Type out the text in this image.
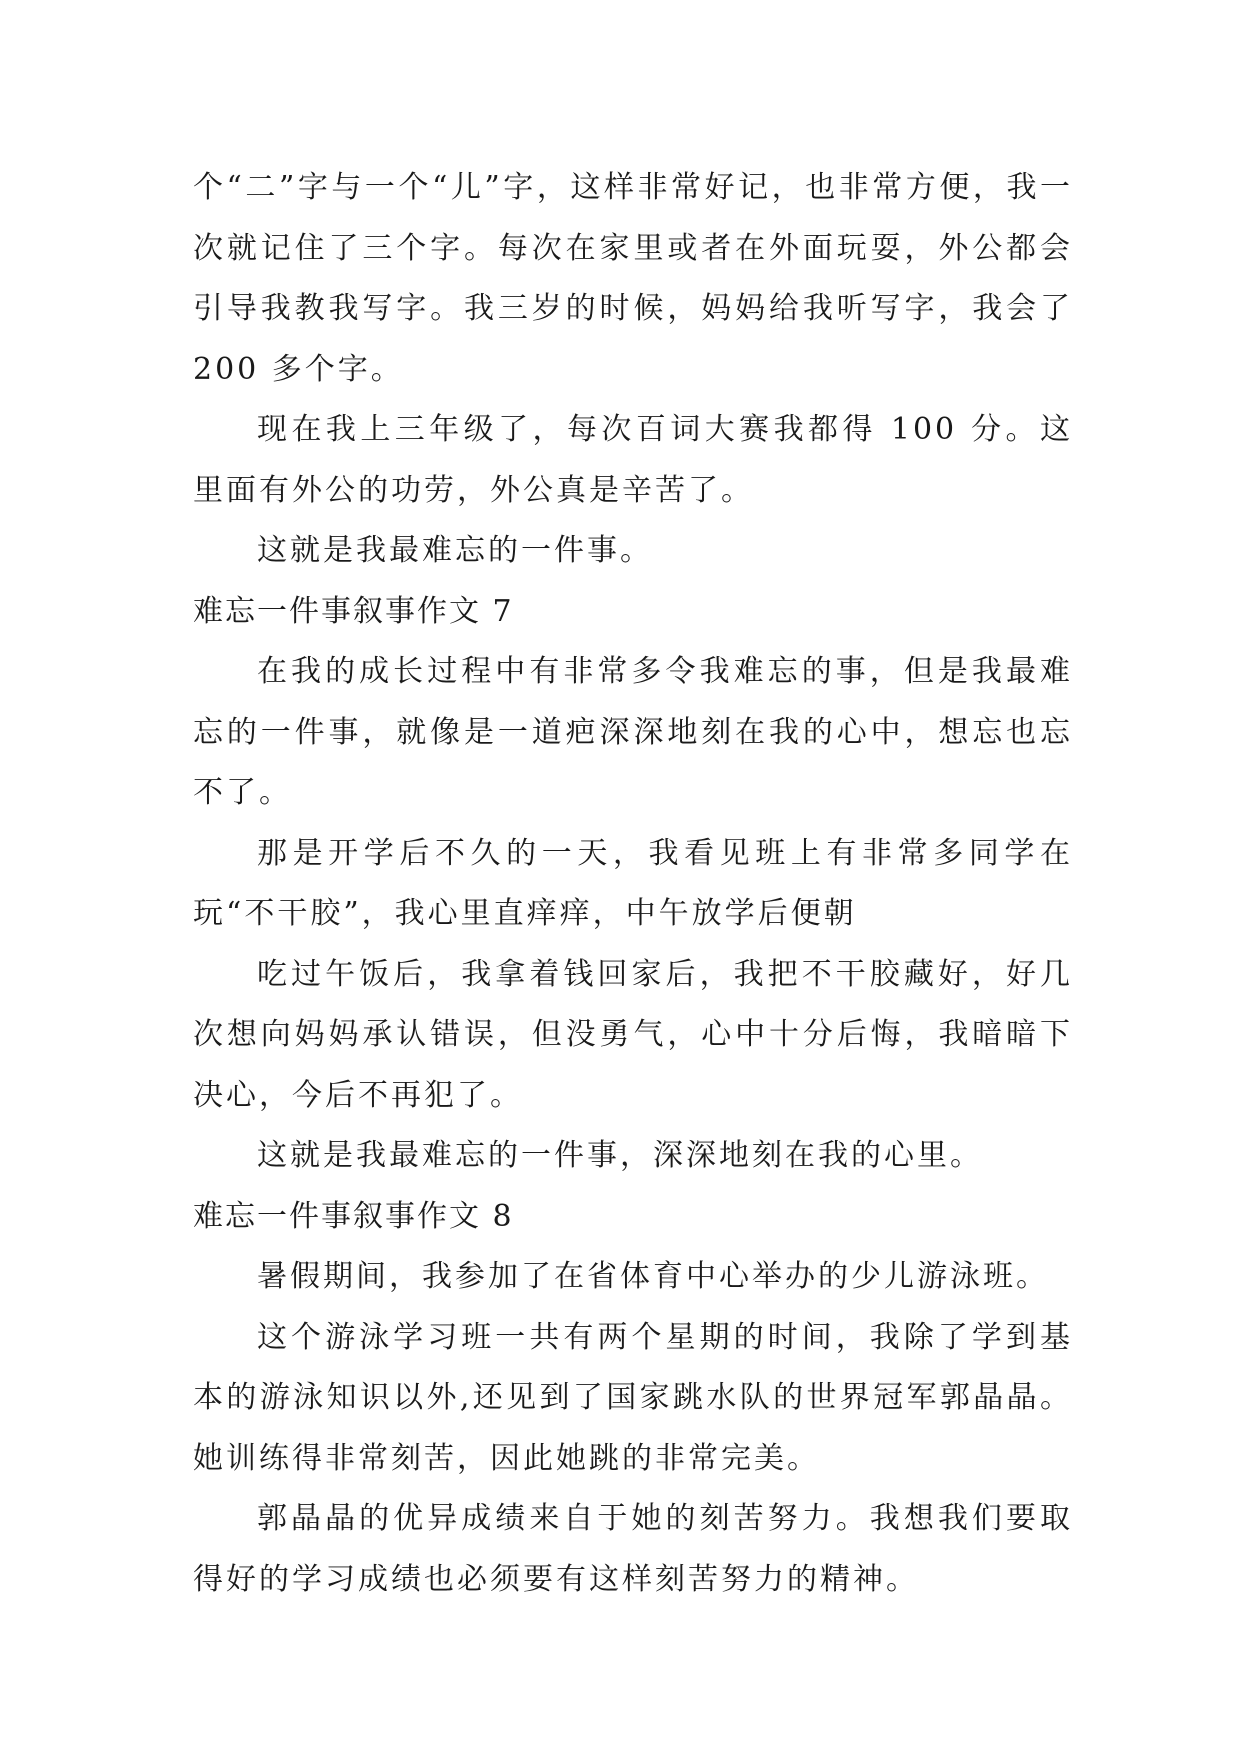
个“二”字与一个“儿”字，这样非常好记，也非常方便，我一次就记住了三个字。每次在家里或者在外面玩耍，外公都会引导我教我写字。我三岁的时候，妈妈给我听写字，我会了 200 多个字。

现在我上三年级了，每次百词大赛我都得 100 分。这里面有外公的功劳，外公真是辛苦了。

这就是我最难忘的一件事。

难忘一件事叙事作文 7

在我的成长过程中有非常多令我难忘的事，但是我最难忘的一件事，就像是一道疤深深地刻在我的心中，想忘也忘不了。

那是开学后不久的一天，我看见班上有非常多同学在玩“不干胶”，我心里直痒痒，中午放学后便朝

吃过午饭后，我拿着钱回家后，我把不干胶藏好，好几次想向妈妈承认错误，但没勇气，心中十分后悔，我暗暗下决心，今后不再犯了。

这就是我最难忘的一件事，深深地刻在我的心里。

难忘一件事叙事作文 8

暑假期间，我参加了在省体育中心举办的少儿游泳班。

这个游泳学习班一共有两个星期的时间，我除了学到基本的游泳知识以外,还见到了国家跳水队的世界冠军郭晶晶。她训练得非常刻苦，因此她跳的非常完美。

郭晶晶的优异成绩来自于她的刻苦努力。我想我们要取得好的学习成绩也必须要有这样刻苦努力的精神。
